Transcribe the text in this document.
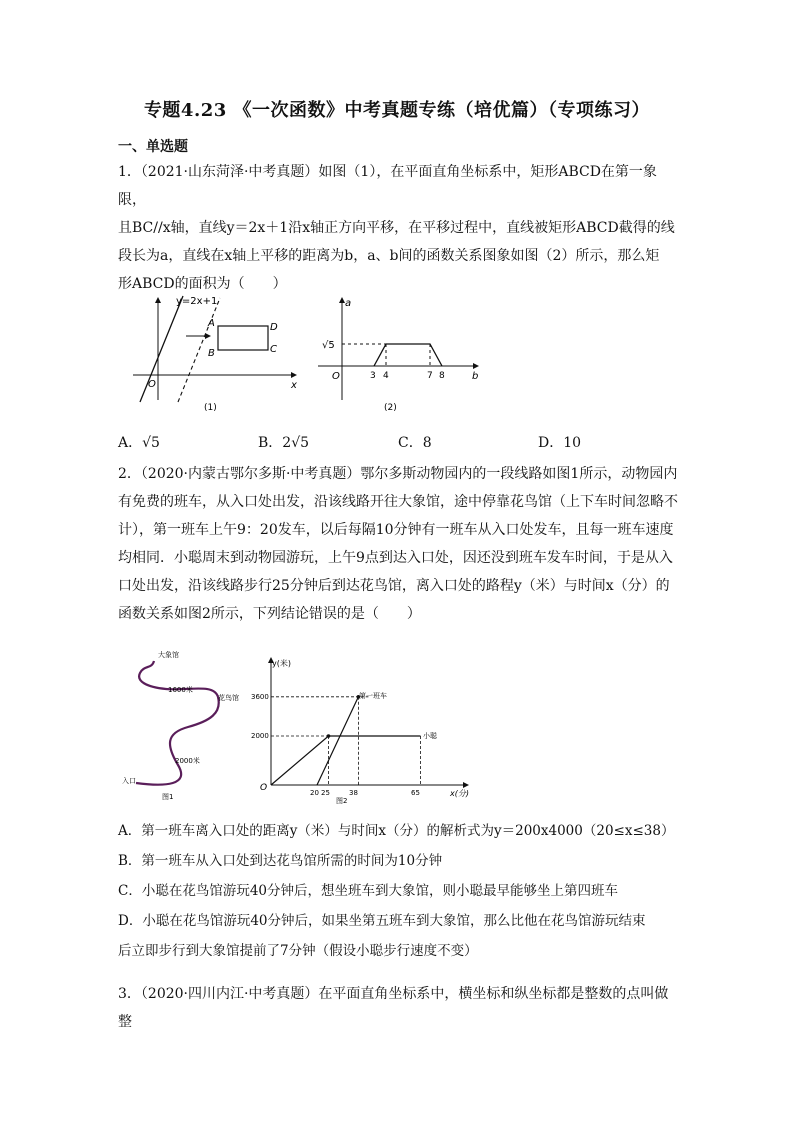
专题4.23 《一次函数》中考真题专练（培优篇）（专项练习）
一、单选题
1．（2021·山东菏泽·中考真题）如图（1），在平面直角坐标系中，矩形ABCD在第一象限，
且BC//x轴，直线y＝2x＋1沿x轴正方向平移，在平移过程中，直线被矩形ABCD截得的线
段长为a，直线在x轴上平移的距离为b，a、b间的函数关系图象如图（2）所示，那么矩
形ABCD的面积为（　　）
y=2x+1
A
B	C
D
O	x
(1)
a
b
O
√5
3 4	7 8
(2)
A．√5	B．2√5	C．8	D．10
2．（2020·内蒙古鄂尔多斯·中考真题）鄂尔多斯动物园内的一段线路如图1所示，动物园内
有免费的班车，从入口处出发，沿该线路开往大象馆，途中停靠花鸟馆（上下车时间忽略不
计），第一班车上午9：20发车，以后每隔10分钟有一班车从入口处发车，且每一班车速度
均相同．小聪周末到动物园游玩，上午9点到达入口处，因还没到班车发车时间，于是从入
口处出发，沿该线路步行25分钟后到达花鸟馆，离入口处的路程y（米）与时间x（分）的
函数关系如图2所示，下列结论错误的是（　　）
大象馆
花鸟馆
入口
1600米
2000米
图1
y(米)
x(分)
O
3600
2000
20 25	38	65
第一班车
小聪
图2
A．第一班车离入口处的距离y（米）与时间x（分）的解析式为y＝200x4000（20≤x≤38）
B．第一班车从入口处到达花鸟馆所需的时间为10分钟
C．小聪在花鸟馆游玩40分钟后，想坐班车到大象馆，则小聪最早能够坐上第四班车
D．小聪在花鸟馆游玩40分钟后，如果坐第五班车到大象馆，那么比他在花鸟馆游玩结束
后立即步行到大象馆提前了7分钟（假设小聪步行速度不变）
3．（2020·四川内江·中考真题）在平面直角坐标系中，横坐标和纵坐标都是整数的点叫做整
